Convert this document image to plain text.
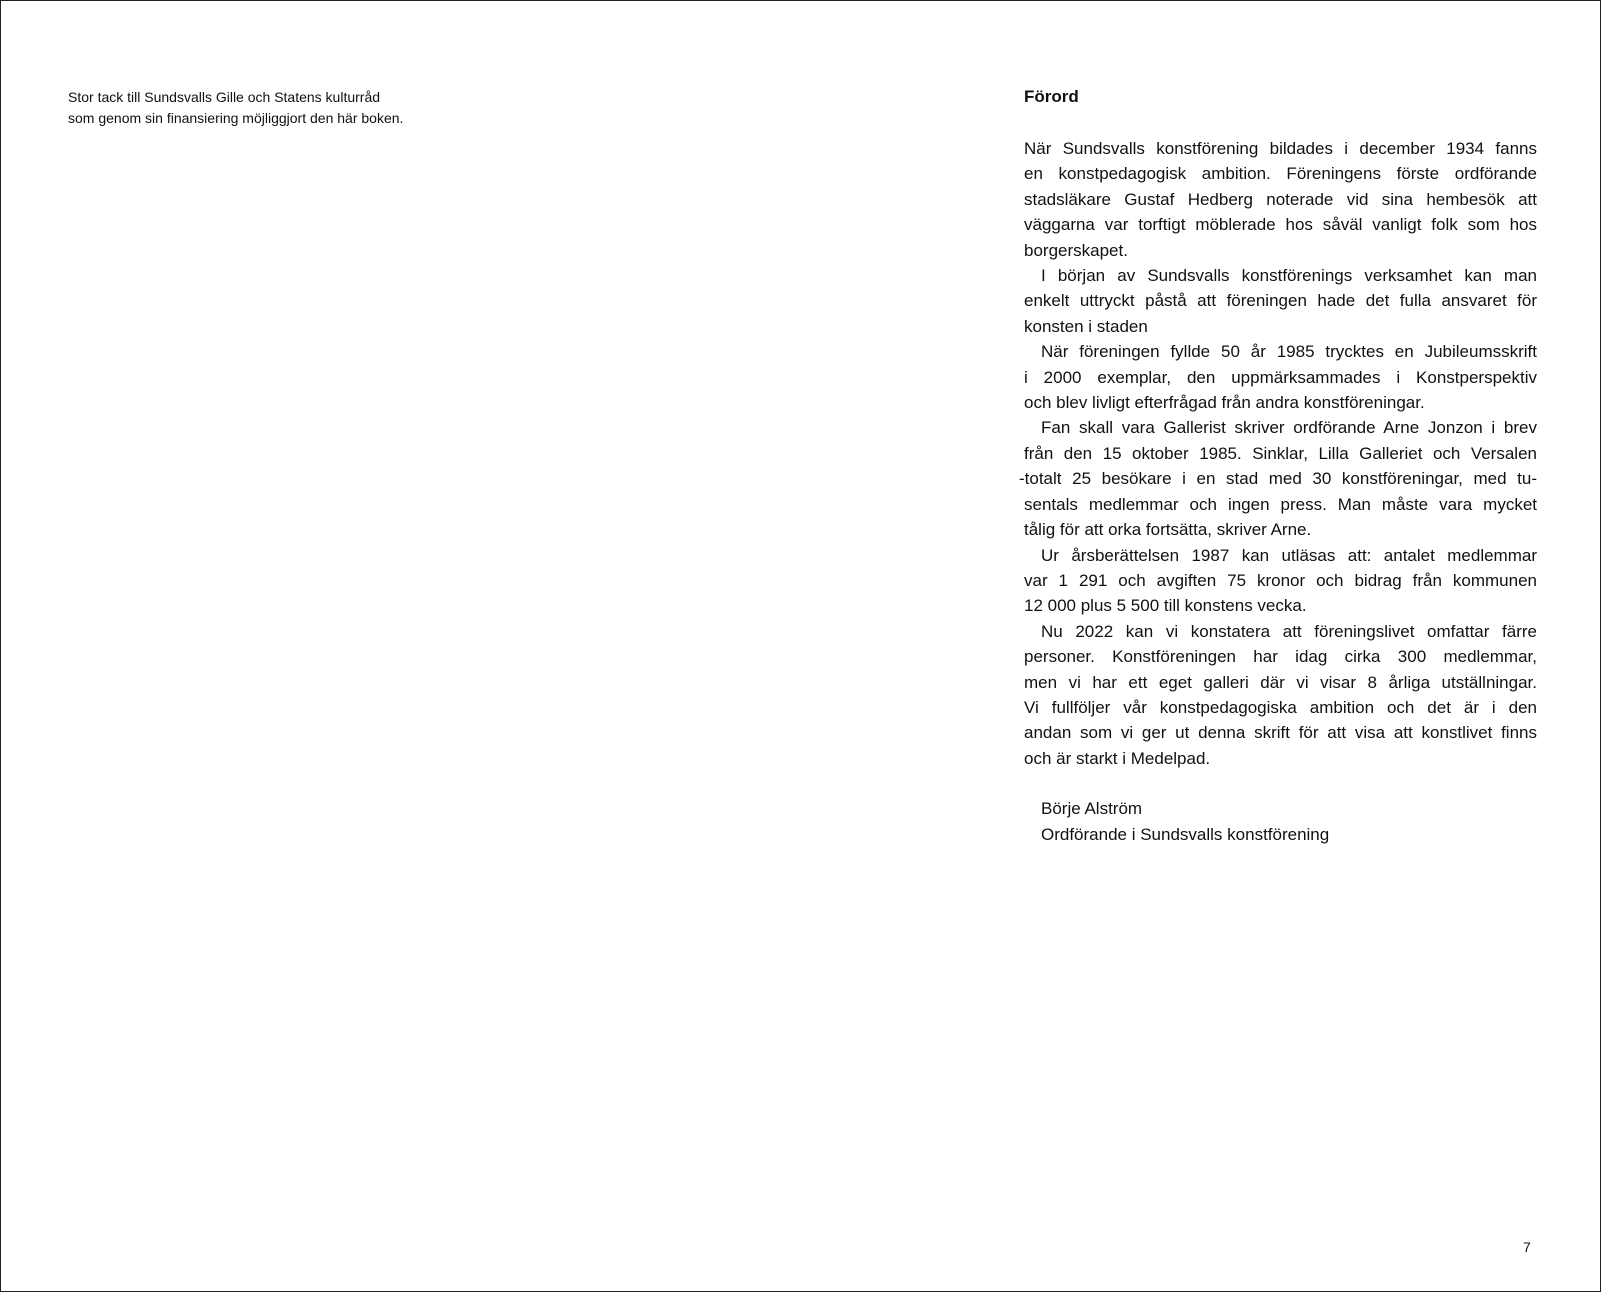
Stor tack till Sundsvalls Gille och Statens kulturråd
som genom sin finansiering möjliggjort den här boken.
Förord
När Sundsvalls konstförening bildades i december 1934 fanns
en konstpedagogisk ambition. Föreningens förste ordförande
stadsläkare Gustaf Hedberg noterade vid sina hembesök att
väggarna var torftigt möblerade hos såväl vanligt folk som hos
borgerskapet.
I början av Sundsvalls konstförenings verksamhet kan man
enkelt uttryckt påstå att föreningen hade det fulla ansvaret för
konsten i staden
När föreningen fyllde 50 år 1985 trycktes en Jubileumsskrift
i 2000 exemplar, den uppmärksammades i Konstperspektiv
och blev livligt efterfrågad från andra konstföreningar.
Fan skall vara Gallerist skriver ordförande Arne Jonzon i brev
från den 15 oktober 1985. Sinklar, Lilla Galleriet och Versalen
-totalt 25 besökare i en stad med 30 konstföreningar, med tu-
sentals medlemmar och ingen press. Man måste vara mycket
tålig för att orka fortsätta, skriver Arne.
Ur årsberättelsen 1987 kan utläsas att: antalet medlemmar
var 1 291 och avgiften 75 kronor och bidrag från kommunen
12 000 plus 5 500 till konstens vecka.
Nu 2022 kan vi konstatera att föreningslivet omfattar färre
personer. Konstföreningen har idag cirka 300 medlemmar,
men vi har ett eget galleri där vi visar 8 årliga utställningar.
Vi fullföljer vår konstpedagogiska ambition och det är i den
andan som vi ger ut denna skrift för att visa att konstlivet finns
och är starkt i Medelpad.
Börje Alström
Ordförande i Sundsvalls konstförening
7
